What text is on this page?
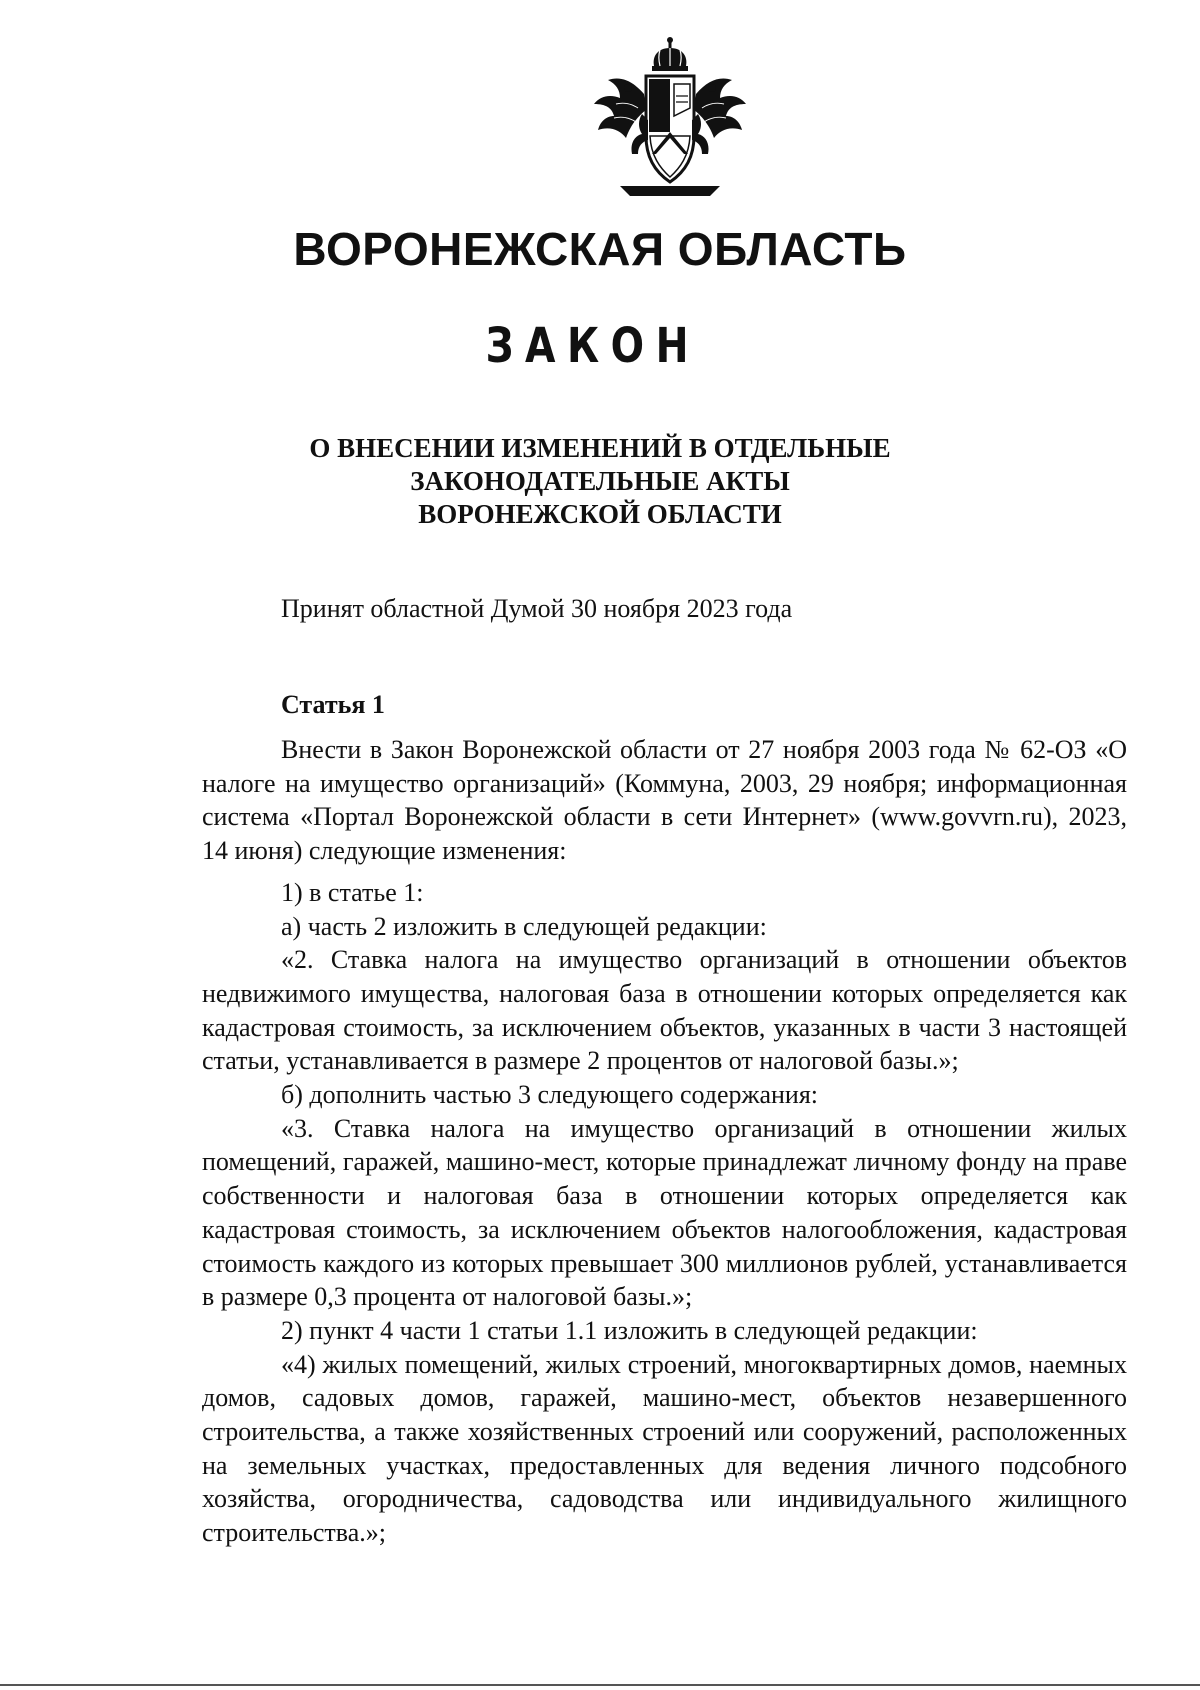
ВОРОНЕЖСКАЯ ОБЛАСТЬ
ЗАКОН
О ВНЕСЕНИИ ИЗМЕНЕНИЙ В ОТДЕЛЬНЫЕ
ЗАКОНОДАТЕЛЬНЫЕ АКТЫ
ВОРОНЕЖСКОЙ ОБЛАСТИ

Принят областной Думой 30 ноября 2023 года

Статья 1

Внести в Закон Воронежской области от 27 ноября 2003 года № 62-ОЗ «О налоге на имущество организаций» (Коммуна, 2003, 29 ноября; информационная система «Портал Воронежской области в сети Интернет» (www.govvrn.ru), 2023, 14 июня) следующие изменения:

1) в статье 1:

а) часть 2 изложить в следующей редакции:

«2. Ставка налога на имущество организаций в отношении объектов недвижимого имущества, налоговая база в отношении которых определяется как кадастровая стоимость, за исключением объектов, указанных в части 3 настоящей статьи, устанавливается в размере 2 процентов от налоговой базы.»;

б) дополнить частью 3 следующего содержания:

«3. Ставка налога на имущество организаций в отношении жилых помещений, гаражей, машино-мест, которые принадлежат личному фонду на праве собственности и налоговая база в отношении которых определяется как кадастровая стоимость, за исключением объектов налогообложения, кадастровая стоимость каждого из которых превышает 300 миллионов рублей, устанавливается в размере 0,3 процента от налоговой базы.»;

2) пункт 4 части 1 статьи 1.1 изложить в следующей редакции:

«4) жилых помещений, жилых строений, многоквартирных домов, наемных домов, садовых домов, гаражей, машино-мест, объектов незавершенного строительства, а также хозяйственных строений или сооружений, расположенных на земельных участках, предоставленных для ведения личного подсобного хозяйства, огородничества, садоводства или индивидуального жилищного строительства.»;
